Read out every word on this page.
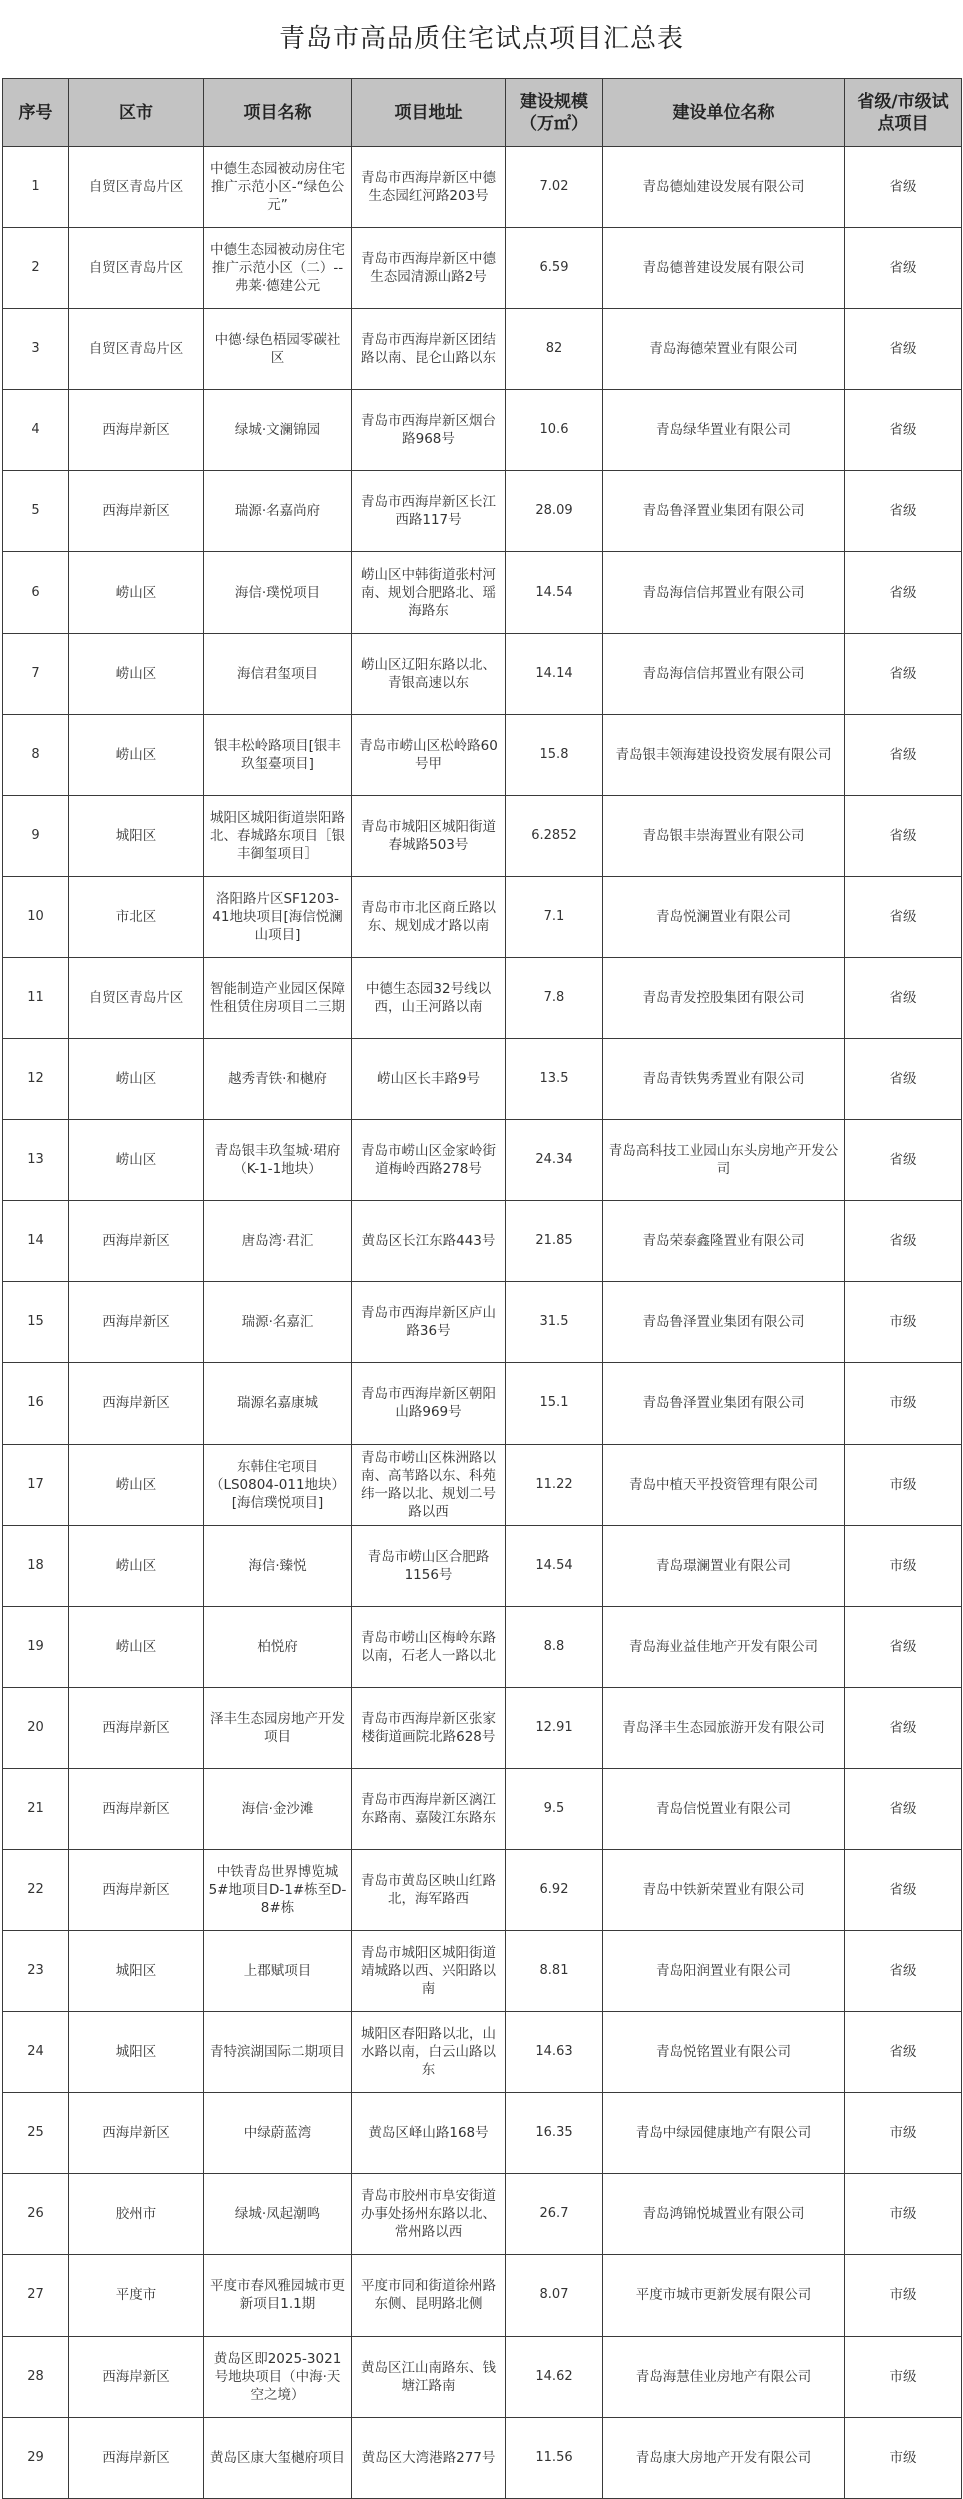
青岛市高品质住宅试点项目汇总表
序号	区市	项目名称	项目地址	建设规模（万㎡）	建设单位名称	省级/市级试点项目
1	自贸区青岛片区	中德生态园被动房住宅推广示范小区-“绿色公元”	青岛市西海岸新区中德生态园红河路203号	7.02	青岛德灿建设发展有限公司	省级
2	自贸区青岛片区	中德生态园被动房住宅推广示范小区（二）--弗莱·德建公元	青岛市西海岸新区中德生态园清源山路2号	6.59	青岛德普建设发展有限公司	省级
3	自贸区青岛片区	中德·绿色梧园零碳社区	青岛市西海岸新区团结路以南、昆仑山路以东	82	青岛海德荣置业有限公司	省级
4	西海岸新区	绿城·文澜锦园	青岛市西海岸新区烟台路968号	10.6	青岛绿华置业有限公司	省级
5	西海岸新区	瑞源·名嘉尚府	青岛市西海岸新区长江西路117号	28.09	青岛鲁泽置业集团有限公司	省级
6	崂山区	海信·璞悦项目	崂山区中韩街道张村河南、规划合肥路北、瑶海路东	14.54	青岛海信信邦置业有限公司	省级
7	崂山区	海信君玺项目	崂山区辽阳东路以北、青银高速以东	14.14	青岛海信信邦置业有限公司	省级
8	崂山区	银丰松岭路项目[银丰玖玺臺项目]	青岛市崂山区松岭路60号甲	15.8	青岛银丰领海建设投资发展有限公司	省级
9	城阳区	城阳区城阳街道崇阳路北、春城路东项目［银丰御玺项目］	青岛市城阳区城阳街道春城路503号	6.2852	青岛银丰崇海置业有限公司	省级
10	市北区	洛阳路片区SF1203-41地块项目[海信悦澜山项目]	青岛市市北区商丘路以东、规划成才路以南	7.1	青岛悦澜置业有限公司	省级
11	自贸区青岛片区	智能制造产业园区保障性租赁住房项目二三期	中德生态园32号线以西，山王河路以南	7.8	青岛青发控股集团有限公司	省级
12	崂山区	越秀青铁·和樾府	崂山区长丰路9号	13.5	青岛青铁隽秀置业有限公司	省级
13	崂山区	青岛银丰玖玺城·珺府（K-1-1地块）	青岛市崂山区金家岭街道梅岭西路278号	24.34	青岛高科技工业园山东头房地产开发公司	省级
14	西海岸新区	唐岛湾·君汇	黄岛区长江东路443号	21.85	青岛荣泰鑫隆置业有限公司	省级
15	西海岸新区	瑞源·名嘉汇	青岛市西海岸新区庐山路36号	31.5	青岛鲁泽置业集团有限公司	市级
16	西海岸新区	瑞源名嘉康城	青岛市西海岸新区朝阳山路969号	15.1	青岛鲁泽置业集团有限公司	市级
17	崂山区	东韩住宅项目（LS0804-011地块）[海信璞悦项目]	青岛市崂山区株洲路以南、高苇路以东、科苑纬一路以北、规划二号路以西	11.22	青岛中植天平投资管理有限公司	市级
18	崂山区	海信·臻悦	青岛市崂山区合肥路1156号	14.54	青岛璟澜置业有限公司	市级
19	崂山区	柏悦府	青岛市崂山区梅岭东路以南，石老人一路以北	8.8	青岛海业益佳地产开发有限公司	省级
20	西海岸新区	泽丰生态园房地产开发项目	青岛市西海岸新区张家楼街道画院北路628号	12.91	青岛泽丰生态园旅游开发有限公司	省级
21	西海岸新区	海信·金沙滩	青岛市西海岸新区漓江东路南、嘉陵江东路东	9.5	青岛信悦置业有限公司	省级
22	西海岸新区	中铁青岛世界博览城5#地项目D-1#栋至D-8#栋	青岛市黄岛区映山红路北，海军路西	6.92	青岛中铁新荣置业有限公司	省级
23	城阳区	上郡赋项目	青岛市城阳区城阳街道靖城路以西、兴阳路以南	8.81	青岛阳润置业有限公司	省级
24	城阳区	青特滨湖国际二期项目	城阳区春阳路以北，山水路以南，白云山路以东	14.63	青岛悦铭置业有限公司	省级
25	西海岸新区	中绿蔚蓝湾	黄岛区峄山路168号	16.35	青岛中绿园健康地产有限公司	市级
26	胶州市	绿城·凤起潮鸣	青岛市胶州市阜安街道办事处扬州东路以北、常州路以西	26.7	青岛鸿锦悦城置业有限公司	市级
27	平度市	平度市春风雅园城市更新项目1.1期	平度市同和街道徐州路东侧、昆明路北侧	8.07	平度市城市更新发展有限公司	市级
28	西海岸新区	黄岛区即2025-3021号地块项目（中海·天空之境）	黄岛区江山南路东、钱塘江路南	14.62	青岛海慧佳业房地产有限公司	市级
29	西海岸新区	黄岛区康大玺樾府项目	黄岛区大湾港路277号	11.56	青岛康大房地产开发有限公司	市级
